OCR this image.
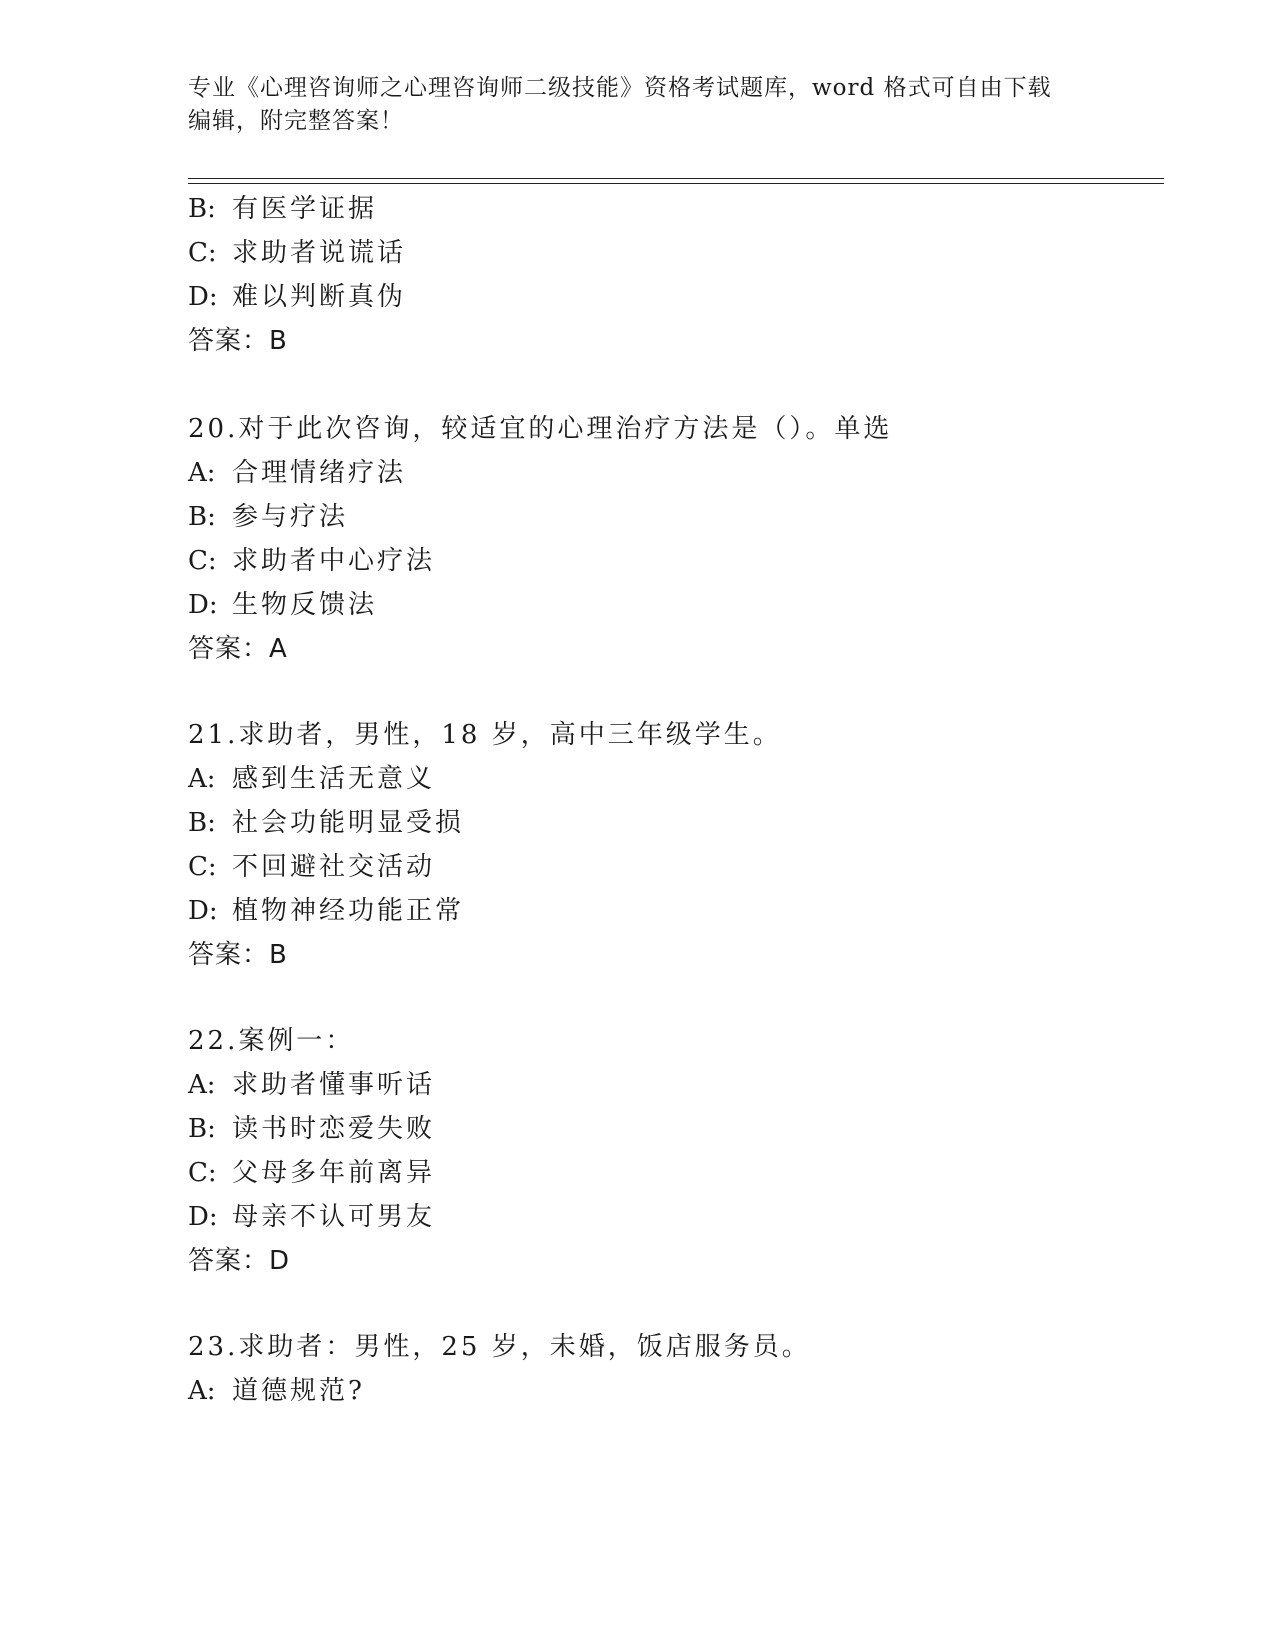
专业《心理咨询师之心理咨询师二级技能》资格考试题库，word 格式可自由下载
编辑，附完整答案！
B: 有医学证据
C: 求助者说谎话
D: 难以判断真伪
答案：B
20.对于此次咨询，较适宜的心理治疗方法是（）。单选
A: 合理情绪疗法
B: 参与疗法
C: 求助者中心疗法
D: 生物反馈法
答案：A
21.求助者，男性，18 岁，高中三年级学生。
A: 感到生活无意义
B: 社会功能明显受损
C: 不回避社交活动
D: 植物神经功能正常
答案：B
22.案例一：
A: 求助者懂事听话
B: 读书时恋爱失败
C: 父母多年前离异
D: 母亲不认可男友
答案：D
23.求助者：男性，25 岁，未婚，饭店服务员。
A: 道德规范?
